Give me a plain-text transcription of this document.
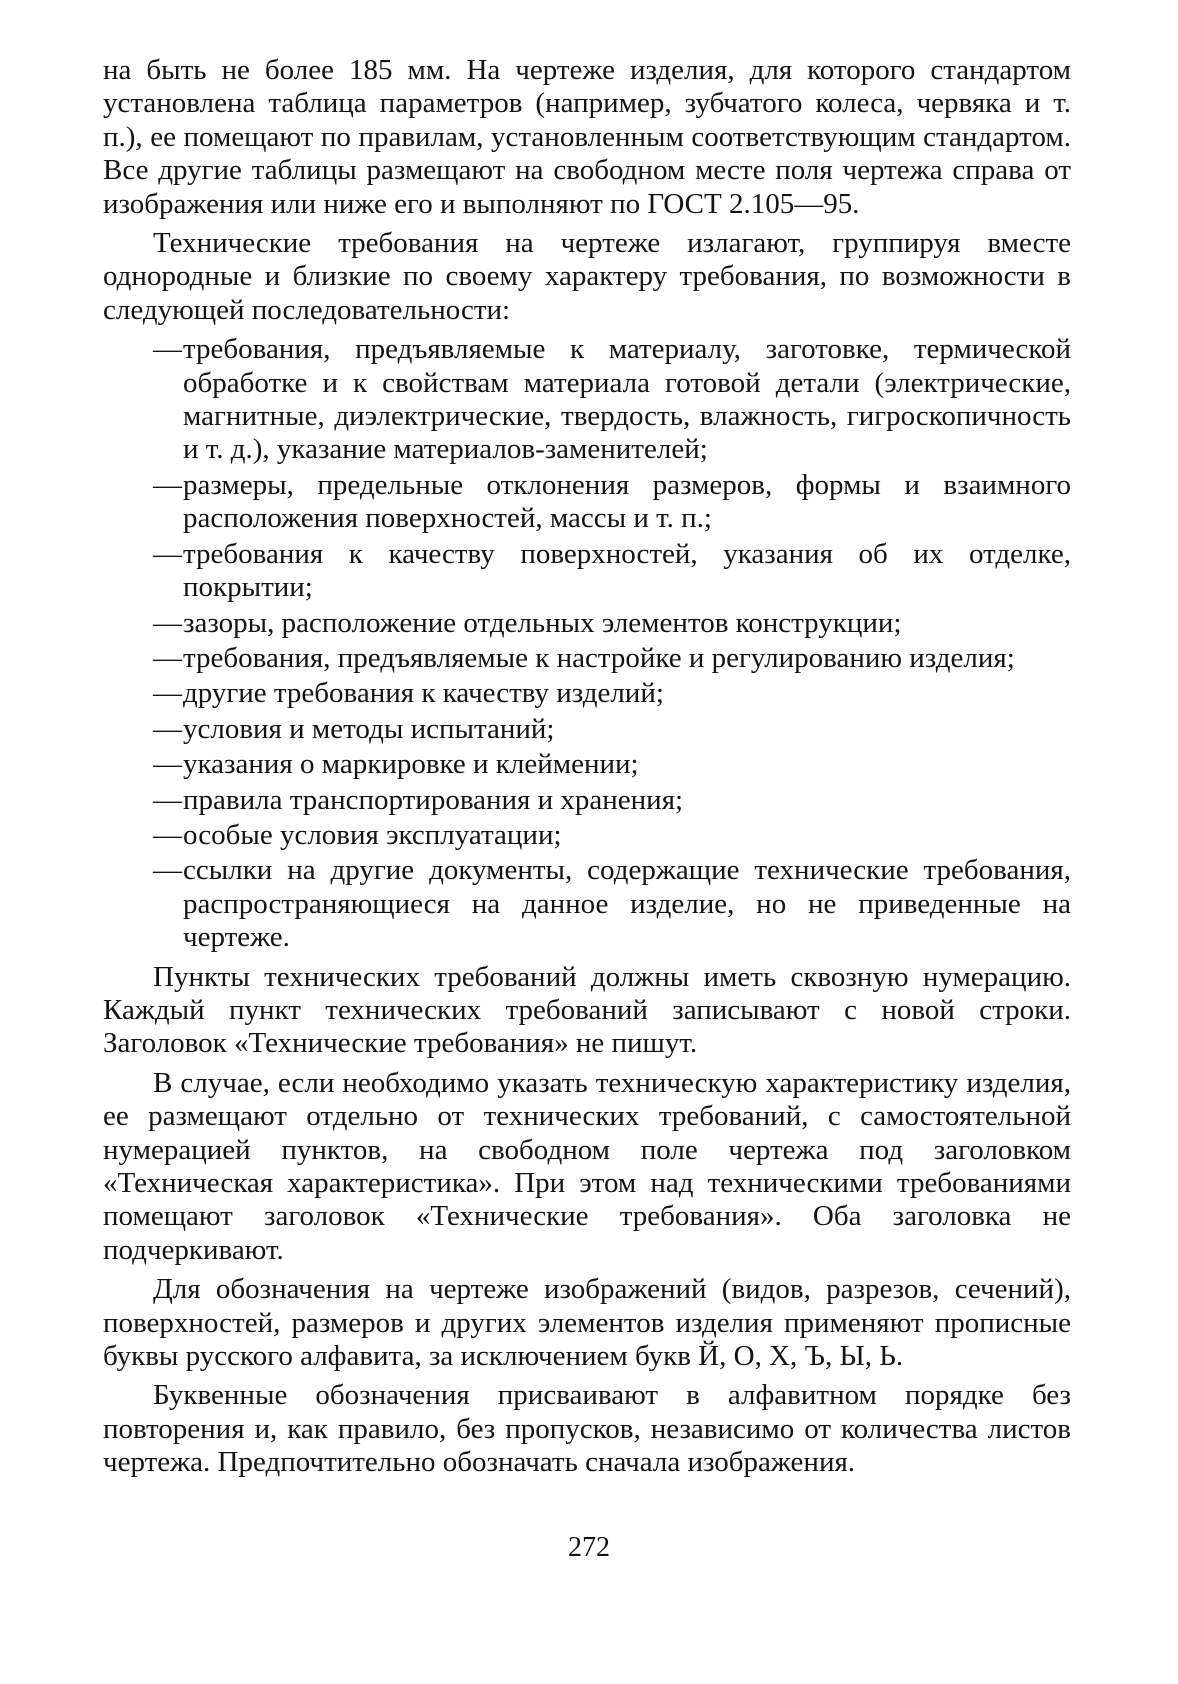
на быть не более 185 мм. На чертеже изделия, для которого стандартом установлена таблица параметров (например, зубчатого колеса, червяка и т. п.), ее помещают по правилам, установленным соответствующим стандартом. Все другие таблицы размещают на свободном месте поля чертежа справа от изображения или ниже его и выполняют по ГОСТ 2.105—95.

Технические требования на чертеже излагают, группируя вместе однородные и близкие по своему характеру требования, по возможности в следующей последовательности:

— требования, предъявляемые к материалу, заготовке, термической обработке и к свойствам материала готовой детали (электрические, магнитные, диэлектрические, твердость, влажность, гигроскопичность и т. д.), указание материалов-заменителей;
— размеры, предельные отклонения размеров, формы и взаимного расположения поверхностей, массы и т. п.;
— требования к качеству поверхностей, указания об их отделке, покрытии;
— зазоры, расположение отдельных элементов конструкции;
— требования, предъявляемые к настройке и регулированию изделия;
— другие требования к качеству изделий;
— условия и методы испытаний;
— указания о маркировке и клеймении;
— правила транспортирования и хранения;
— особые условия эксплуатации;
— ссылки на другие документы, содержащие технические требования, распространяющиеся на данное изделие, но не приведенные на чертеже.

Пункты технических требований должны иметь сквозную нумерацию. Каждый пункт технических требований записывают с новой строки. Заголовок «Технические требования» не пишут.

В случае, если необходимо указать техническую характеристику изделия, ее размещают отдельно от технических требований, с самостоятельной нумерацией пунктов, на свободном поле чертежа под заголовком «Техническая характеристика». При этом над техническими требованиями помещают заголовок «Технические требования». Оба заголовка не подчеркивают.

Для обозначения на чертеже изображений (видов, разрезов, сечений), поверхностей, размеров и других элементов изделия применяют прописные буквы русского алфавита, за исключением букв Й, О, Х, Ъ, Ы, Ь.

Буквенные обозначения присваивают в алфавитном порядке без повторения и, как правило, без пропусков, независимо от количества листов чертежа. Предпочтительно обозначать сначала изображения.

272
